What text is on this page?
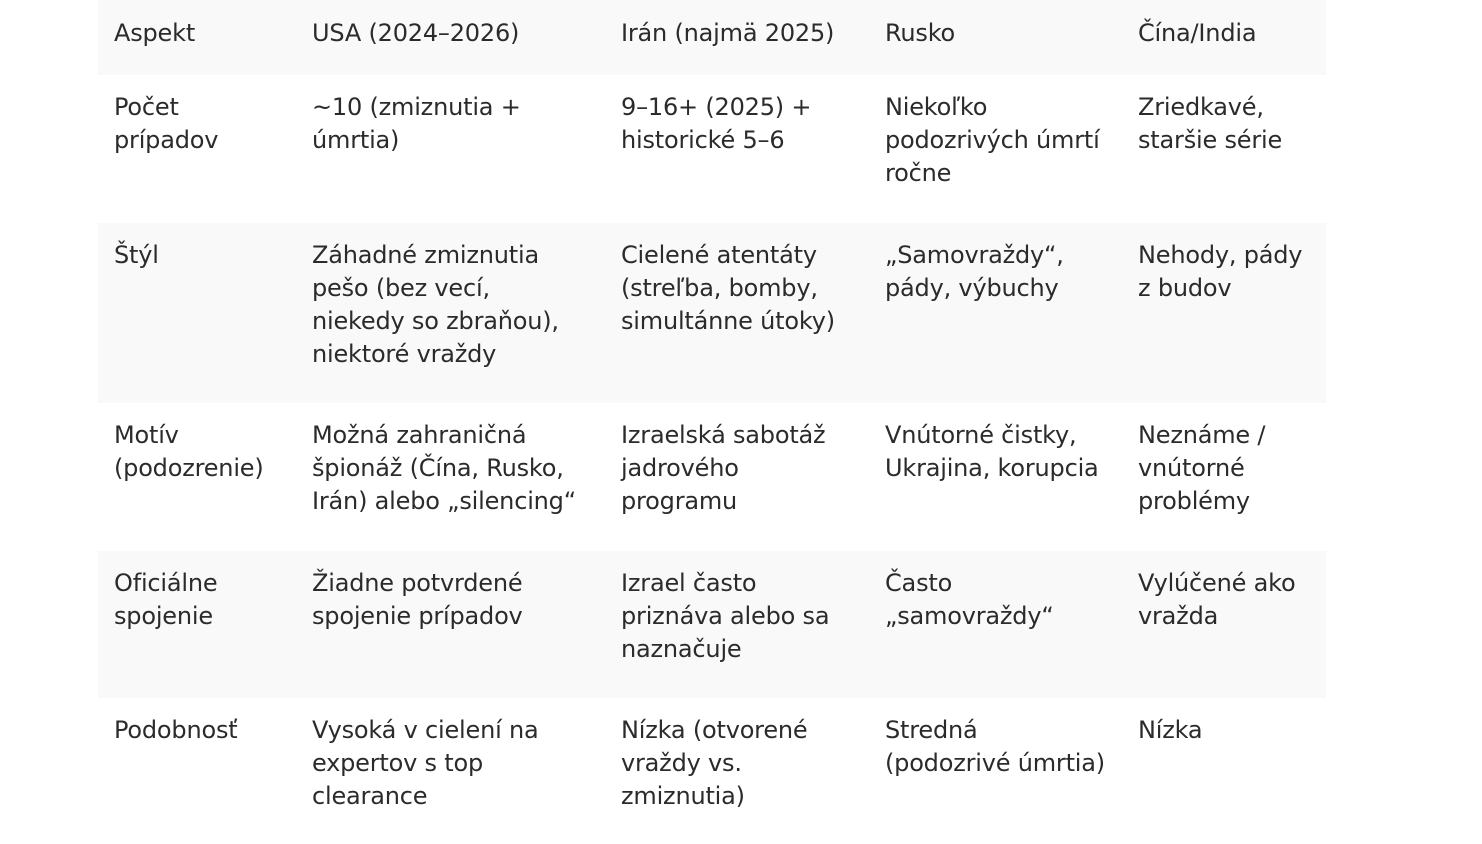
Aspekt	USA (2024–2026)	Irán (najmä 2025)	Rusko	Čína/India
Počet prípadov	~10 (zmiznutia + úmrtia)	9–16+ (2025) + historické 5–6	Niekoľko podozrivých úmrtí ročne	Zriedkavé, staršie série
Štýl	Záhadné zmiznutia pešo (bez vecí, niekedy so zbraňou), niektoré vraždy	Cielené atentáty (streľba, bomby, simultánne útoky)	„Samovraždy“, pády, výbuchy	Nehody, pády z budov
Motív (podozrenie)	Možná zahraničná špionáž (Čína, Rusko, Irán) alebo „silencing“	Izraelská sabotáž jadrového programu	Vnútorné čistky, Ukrajina, korupcia	Neznáme / vnútorné problémy
Oficiálne spojenie	Žiadne potvrdené spojenie prípadov	Izrael často priznáva alebo sa naznačuje	Často „samovraždy“	Vylúčené ako vražda
Podobnosť	Vysoká v cielení na expertov s top clearance	Nízka (otvorené vraždy vs. zmiznutia)	Stredná (podozrivé úmrtia)	Nízka
